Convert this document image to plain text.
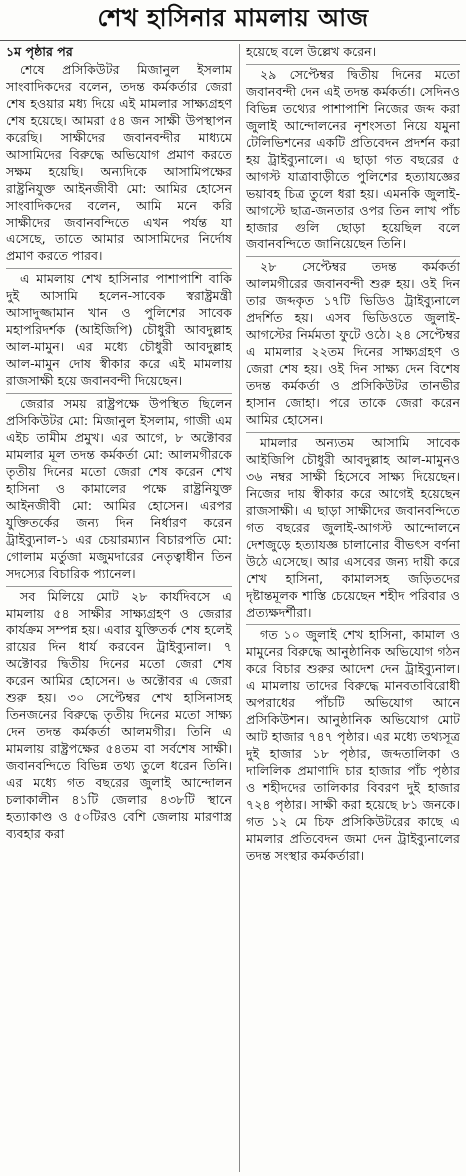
শেখ হাসিনার মামলায় আজ
১ম পৃষ্ঠার পর

শেষে প্রসিকিউটর মিজানুল ইসলাম সাংবাদিকদের বলেন, তদন্ত কর্মকর্তার জেরা শেষ হওয়ার মধ্য দিয়ে এই মামলার সাক্ষ্যগ্রহণ শেষ হয়েছে। আমরা ৫৪ জন সাক্ষী উপস্থাপন করেছি। সাক্ষীদের জবানবন্দীর মাধ্যমে আসামিদের বিরুদ্ধে অভিযোগ প্রমাণ করতে সক্ষম হয়েছি। অন্যদিকে আসামিপক্ষের রাষ্ট্রনিযুক্ত আইনজীবী মো: আমির হোসেন সাংবাদিকদের বলেন, আমি মনে করি সাক্ষীদের জবানবন্দিতে এখন পর্যন্ত যা এসেছে, তাতে আমার আসামিদের নির্দোষ প্রমাণ করতে পারব।

এ মামলায় শেখ হাসিনার পাশাপাশি বাকি দুই আসামি হলেন-সাবেক স্বরাষ্ট্রমন্ত্রী আসাদুজ্জামান খান ও পুলিশের সাবেক মহাপরিদর্শক (আইজিপি) চৌধুরী আবদুল্লাহ আল-মামুন। এর মধ্যে চৌধুরী আবদুল্লাহ আল-মামুন দোষ স্বীকার করে এই মামলায় রাজসাক্ষী হয়ে জবানবন্দী দিয়েছেন।

জেরার সময় রাষ্ট্রপক্ষে উপস্থিত ছিলেন প্রসিকিউটর মো: মিজানুল ইসলাম, গাজী এম এইচ তামীম প্রমুখ। এর আগে, ৮ অক্টোবর মামলার মূল তদন্ত কর্মকর্তা মো: আলমগীরকে তৃতীয় দিনের মতো জেরা শেষ করেন শেখ হাসিনা ও কামালের পক্ষে রাষ্ট্রনিযুক্ত আইনজীবী মো: আমির হোসেন। এরপর যুক্তিতর্কের জন্য দিন নির্ধারণ করেন ট্রাইব্যুনাল-১ এর চেয়ারম্যান বিচারপতি মো: গোলাম মর্তুজা মজুমদারের নেতৃত্বাধীন তিন সদস্যের বিচারিক প্যানেল।

সব মিলিয়ে মোট ২৮ কার্যদিবসে এ মামলায় ৫৪ সাক্ষীর সাক্ষ্যগ্রহণ ও জেরার কার্যক্রম সম্পন্ন হয়। এবার যুক্তিতর্ক শেষ হলেই রায়ের দিন ধার্য করবেন ট্রাইব্যুনাল। ৭ অক্টোবর দ্বিতীয় দিনের মতো জেরা শেষ করেন আমির হোসেন। ৬ অক্টোবর এ জেরা শুরু হয়। ৩০ সেপ্টেম্বর শেখ হাসিনাসহ তিনজনের বিরুদ্ধে তৃতীয় দিনের মতো সাক্ষ্য দেন তদন্ত কর্মকর্তা আলমগীর। তিনি এ মামলায় রাষ্ট্রপক্ষের ৫৪তম বা সর্বশেষ সাক্ষী। জবানবন্দিতে বিভিন্ন তথ্য তুলে ধরেন তিনি। এর মধ্যে গত বছরের জুলাই আন্দোলন চলাকালীন ৪১টি জেলার ৪৩৮টি স্থানে হত্যাকাণ্ড ও ৫০টিরও বেশি জেলায় মারণাস্ত্র ব্যবহার করা

হয়েছে বলে উল্লেখ করেন।

২৯ সেপ্টেম্বর দ্বিতীয় দিনের মতো জবানবন্দী দেন এই তদন্ত কর্মকর্তা। সেদিনও বিভিন্ন তথ্যের পাশাপাশি নিজের জব্দ করা জুলাই আন্দোলনের নৃশংসতা নিয়ে যমুনা টেলিভিশনের একটি প্রতিবেদন প্রদর্শন করা হয় ট্রাইব্যুনালে। এ ছাড়া গত বছরের ৫ আগস্ট যাত্রাবাড়ীতে পুলিশের হত্যাযজ্ঞের ভয়াবহ চিত্র তুলে ধরা হয়। এমনকি জুলাই-আগস্টে ছাত্র-জনতার ওপর তিন লাখ পাঁচ হাজার গুলি ছোড়া হয়েছিল বলে জবানবন্দিতে জানিয়েছেন তিনি।

২৮ সেপ্টেম্বর তদন্ত কর্মকর্তা আলমগীরের জবানবন্দী শুরু হয়। ওই দিন তার জব্দকৃত ১৭টি ভিডিও ট্রাইব্যুনালে প্রদর্শিত হয়। এসব ভিডিওতে জুলাই-আগস্টের নির্মমতা ফুটে ওঠে। ২৪ সেপ্টেম্বর এ মামলার ২২তম দিনের সাক্ষ্যগ্রহণ ও জেরা শেষ হয়। ওই দিন সাক্ষ্য দেন বিশেষ তদন্ত কর্মকর্তা ও প্রসিকিউটর তানভীর হাসান জোহা। পরে তাকে জেরা করেন আমির হোসেন।

মামলার অন্যতম আসামি সাবেক আইজিপি চৌধুরী আবদুল্লাহ আল-মামুনও ৩৬ নম্বর সাক্ষী হিসেবে সাক্ষ্য দিয়েছেন। নিজের দায় স্বীকার করে আগেই হয়েছেন রাজসাক্ষী। এ ছাড়া সাক্ষীদের জবানবন্দিতে গত বছরের জুলাই-আগস্ট আন্দোলনে দেশজুড়ে হত্যাযজ্ঞ চালানোর বীভৎস বর্ণনা উঠে এসেছে। আর এসবের জন্য দায়ী করে শেখ হাসিনা, কামালসহ জড়িতদের দৃষ্টান্তমূলক শাস্তি চেয়েছেন শহীদ পরিবার ও প্রত্যক্ষদর্শীরা।

গত ১০ জুলাই শেখ হাসিনা, কামাল ও মামুনের বিরুদ্ধে আনুষ্ঠানিক অভিযোগ গঠন করে বিচার শুরুর আদেশ দেন ট্রাইব্যুনাল। এ মামলায় তাদের বিরুদ্ধে মানবতাবিরোধী অপরাধের পাঁচটি অভিযোগ আনে প্রসিকিউশন। আনুষ্ঠানিক অভিযোগ মোট আট হাজার ৭৪৭ পৃষ্ঠার। এর মধ্যে তথ্যসূত্র দুই হাজার ১৮ পৃষ্ঠার, জব্দতালিকা ও দালিলিক প্রমাণাদি চার হাজার পাঁচ পৃষ্ঠার ও শহীদদের তালিকার বিবরণ দুই হাজার ৭২৪ পৃষ্ঠার। সাক্ষী করা হয়েছে ৮১ জনকে। গত ১২ মে চিফ প্রসিকিউটরের কাছে এ মামলার প্রতিবেদন জমা দেন ট্রাইব্যুনালের তদন্ত সংস্থার কর্মকর্তারা।
